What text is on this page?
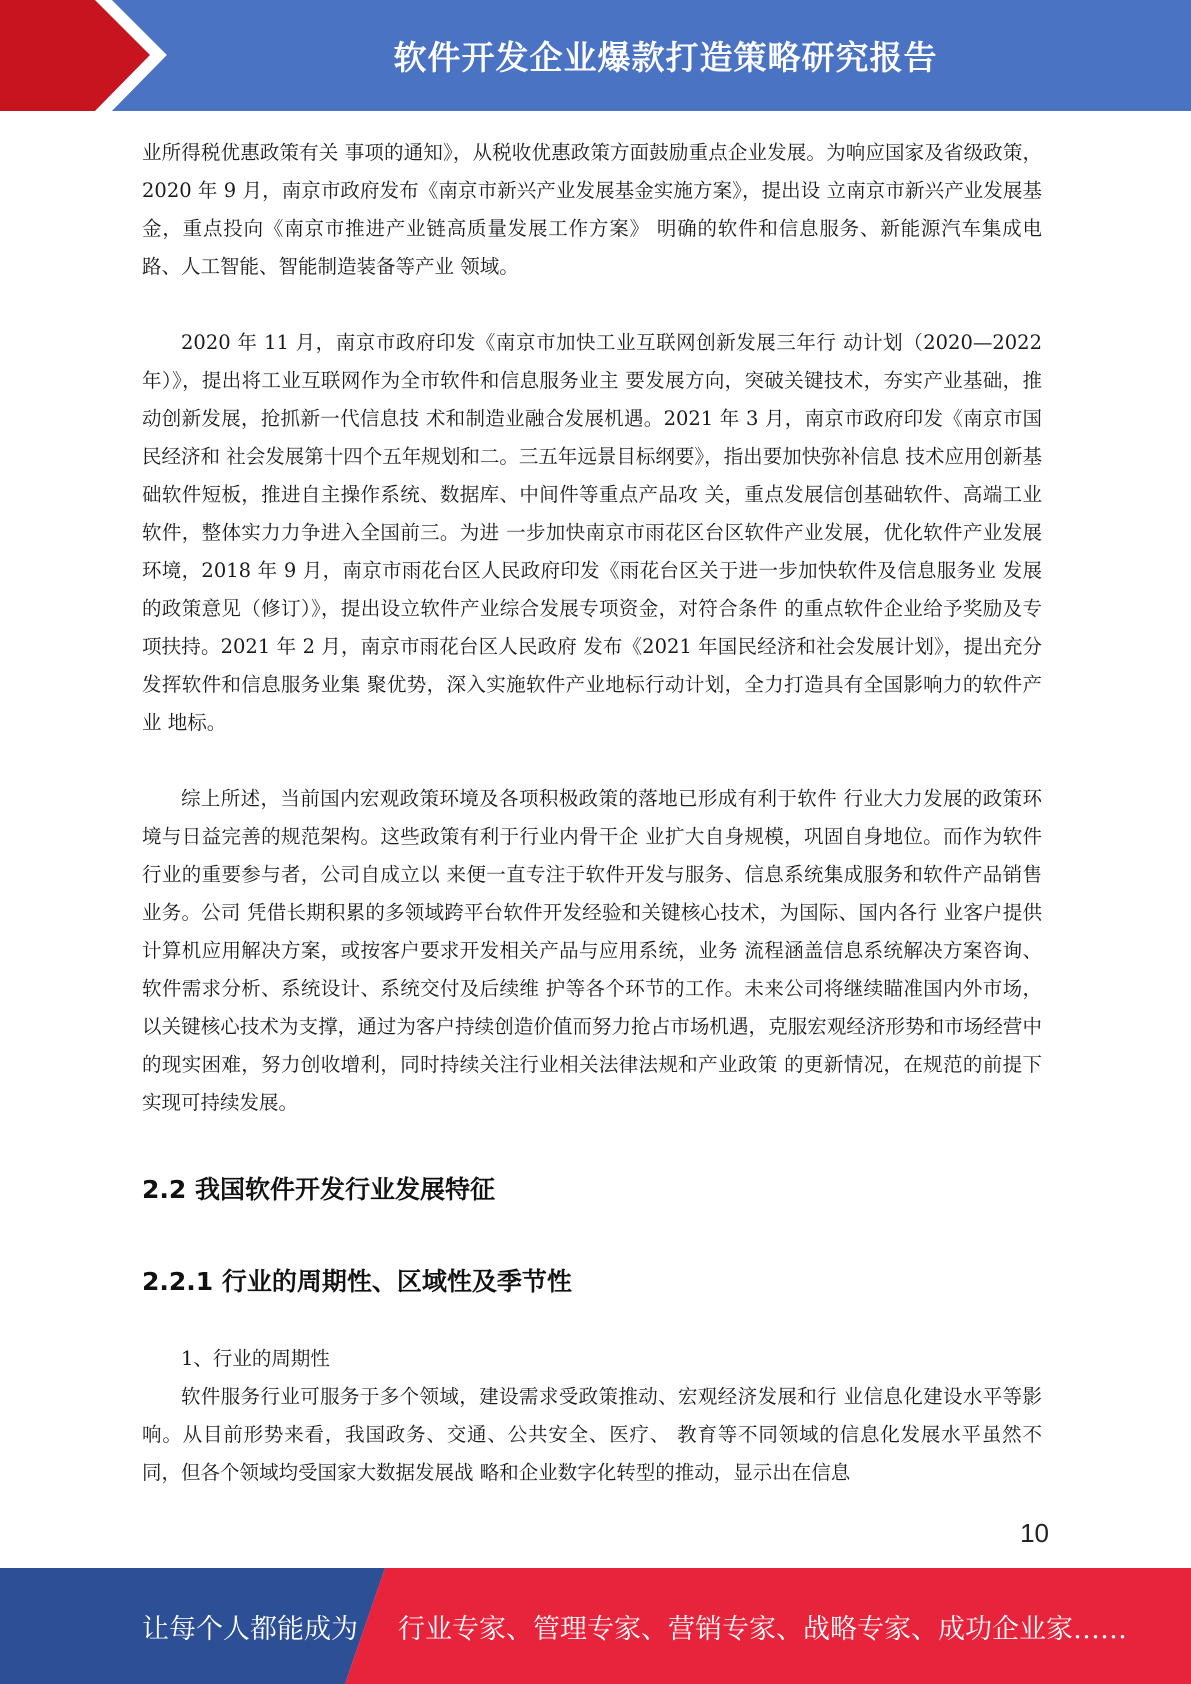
软件开发企业爆款打造策略研究报告

业所得税优惠政策有关 事项的通知》，从税收优惠政策方面鼓励重点企业发展。为响应国家及省级政策，2020 年 9 月，南京市政府发布《南京市新兴产业发展基金实施方案》，提出设 立南京市新兴产业发展基金，重点投向《南京市推进产业链高质量发展工作方案》 明确的软件和信息服务、新能源汽车集成电路、人工智能、智能制造装备等产业 领域。

2020 年 11 月，南京市政府印发《南京市加快工业互联网创新发展三年行 动计划（2020—2022 年）》，提出将工业互联网作为全市软件和信息服务业主 要发展方向，突破关键技术，夯实产业基础，推动创新发展，抢抓新一代信息技 术和制造业融合发展机遇。2021 年 3 月，南京市政府印发《南京市国民经济和 社会发展第十四个五年规划和二。三五年远景目标纲要》，指出要加快弥补信息 技术应用创新基础软件短板，推进自主操作系统、数据库、中间件等重点产品攻 关，重点发展信创基础软件、高端工业软件，整体实力力争进入全国前三。为进 一步加快南京市雨花区台区软件产业发展，优化软件产业发展环境，2018 年 9 月，南京市雨花台区人民政府印发《雨花台区关于进一步加快软件及信息服务业 发展的政策意见（修订）》，提出设立软件产业综合发展专项资金，对符合条件 的重点软件企业给予奖励及专项扶持。2021 年 2 月，南京市雨花台区人民政府 发布《2021 年国民经济和社会发展计划》，提出充分发挥软件和信息服务业集 聚优势，深入实施软件产业地标行动计划，全力打造具有全国影响力的软件产业 地标。

综上所述，当前国内宏观政策环境及各项积极政策的落地已形成有利于软件 行业大力发展的政策环境与日益完善的规范架构。这些政策有利于行业内骨干企 业扩大自身规模，巩固自身地位。而作为软件行业的重要参与者，公司自成立以 来便一直专注于软件开发与服务、信息系统集成服务和软件产品销售业务。公司 凭借长期积累的多领域跨平台软件开发经验和关键核心技术，为国际、国内各行 业客户提供计算机应用解决方案，或按客户要求开发相关产品与应用系统，业务 流程涵盖信息系统解决方案咨询、软件需求分析、系统设计、系统交付及后续维 护等各个环节的工作。未来公司将继续瞄准国内外市场，以关键核心技术为支撑，通过为客户持续创造价值而努力抢占市场机遇，克服宏观经济形势和市场经营中 的现实困难，努力创收增利，同时持续关注行业相关法律法规和产业政策 的更新情况，在规范的前提下实现可持续发展。

2.2 我国软件开发行业发展特征
2.2.1 行业的周期性、区域性及季节性

1、行业的周期性

软件服务行业可服务于多个领域，建设需求受政策推动、宏观经济发展和行 业信息化建设水平等影响。从目前形势来看，我国政务、交通、公共安全、医疗、 教育等不同领域的信息化发展水平虽然不同，但各个领域均受国家大数据发展战 略和企业数字化转型的推动，显示出在信息

10
让每个人都能成为 行业专家、管理专家、营销专家、战略专家、成功企业家……
